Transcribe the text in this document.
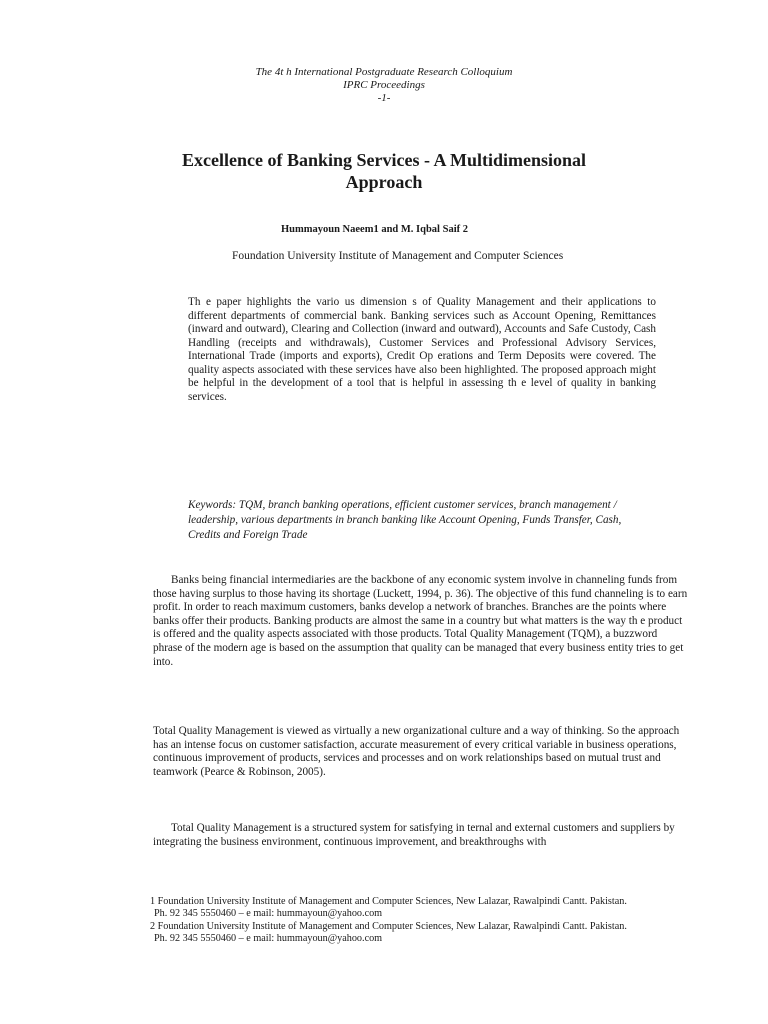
The 4t h International Postgraduate Research Colloquium

IPRC Proceedings

-1-

Excellence of Banking Services - A Multidimensional
Approach

Hummayoun Naeem1 and M. Iqbal Saif 2

Foundation University Institute of Management and Computer Sciences

Th e paper highlights the vario us dimension s of Quality Management and their applications to different departments of commercial bank. Banking services such as Account Opening, Remittances (inward and outward), Clearing and Collection (inward and outward), Accounts and Safe Custody, Cash Handling (receipts and withdrawals), Customer Services and Professional Advisory Services, International Trade (imports and exports), Credit Op erations and Term Deposits were covered. The quality aspects associated with these services have also been highlighted. The proposed approach might be helpful in the development of a tool that is helpful in assessing th e level of quality in banking services.

Keywords: TQM, branch banking operations, efficient customer services, branch management / leadership, various departments in branch banking like Account Opening, Funds Transfer, Cash, Credits and Foreign Trade

Banks being financial intermediaries are the backbone of any economic system involve in channeling funds from those having surplus to those having its shortage (Luckett, 1994, p. 36). The objective of this fund channeling is to earn profit. In order to reach maximum customers, banks develop a network of branches. Branches are the points where banks offer their products. Banking products are almost the same in a country but what matters is the way th e product is offered and the quality aspects associated with those products. Total Quality Management (TQM), a buzzword phrase of the modern age is based on the assumption that quality can be managed that every business entity tries to get into.

Total Quality Management is viewed as virtually a new organizational culture and a way of thinking. So the approach has an intense focus on customer satisfaction, accurate measurement of every critical variable in business operations, continuous improvement of products, services and processes and on work relationships based on mutual trust and teamwork (Pearce & Robinson, 2005).

Total Quality Management is a structured system for satisfying in ternal and external customers and suppliers by integrating the business environment, continuous improvement, and breakthroughs with

1 Foundation University Institute of Management and Computer Sciences, New Lalazar, Rawalpindi Cantt. Pakistan.
Ph. 92 345 5550460 – e mail: hummayoun@yahoo.com
2 Foundation University Institute of Management and Computer Sciences, New Lalazar, Rawalpindi Cantt. Pakistan.
Ph. 92 345 5550460 – e mail: hummayoun@yahoo.com
